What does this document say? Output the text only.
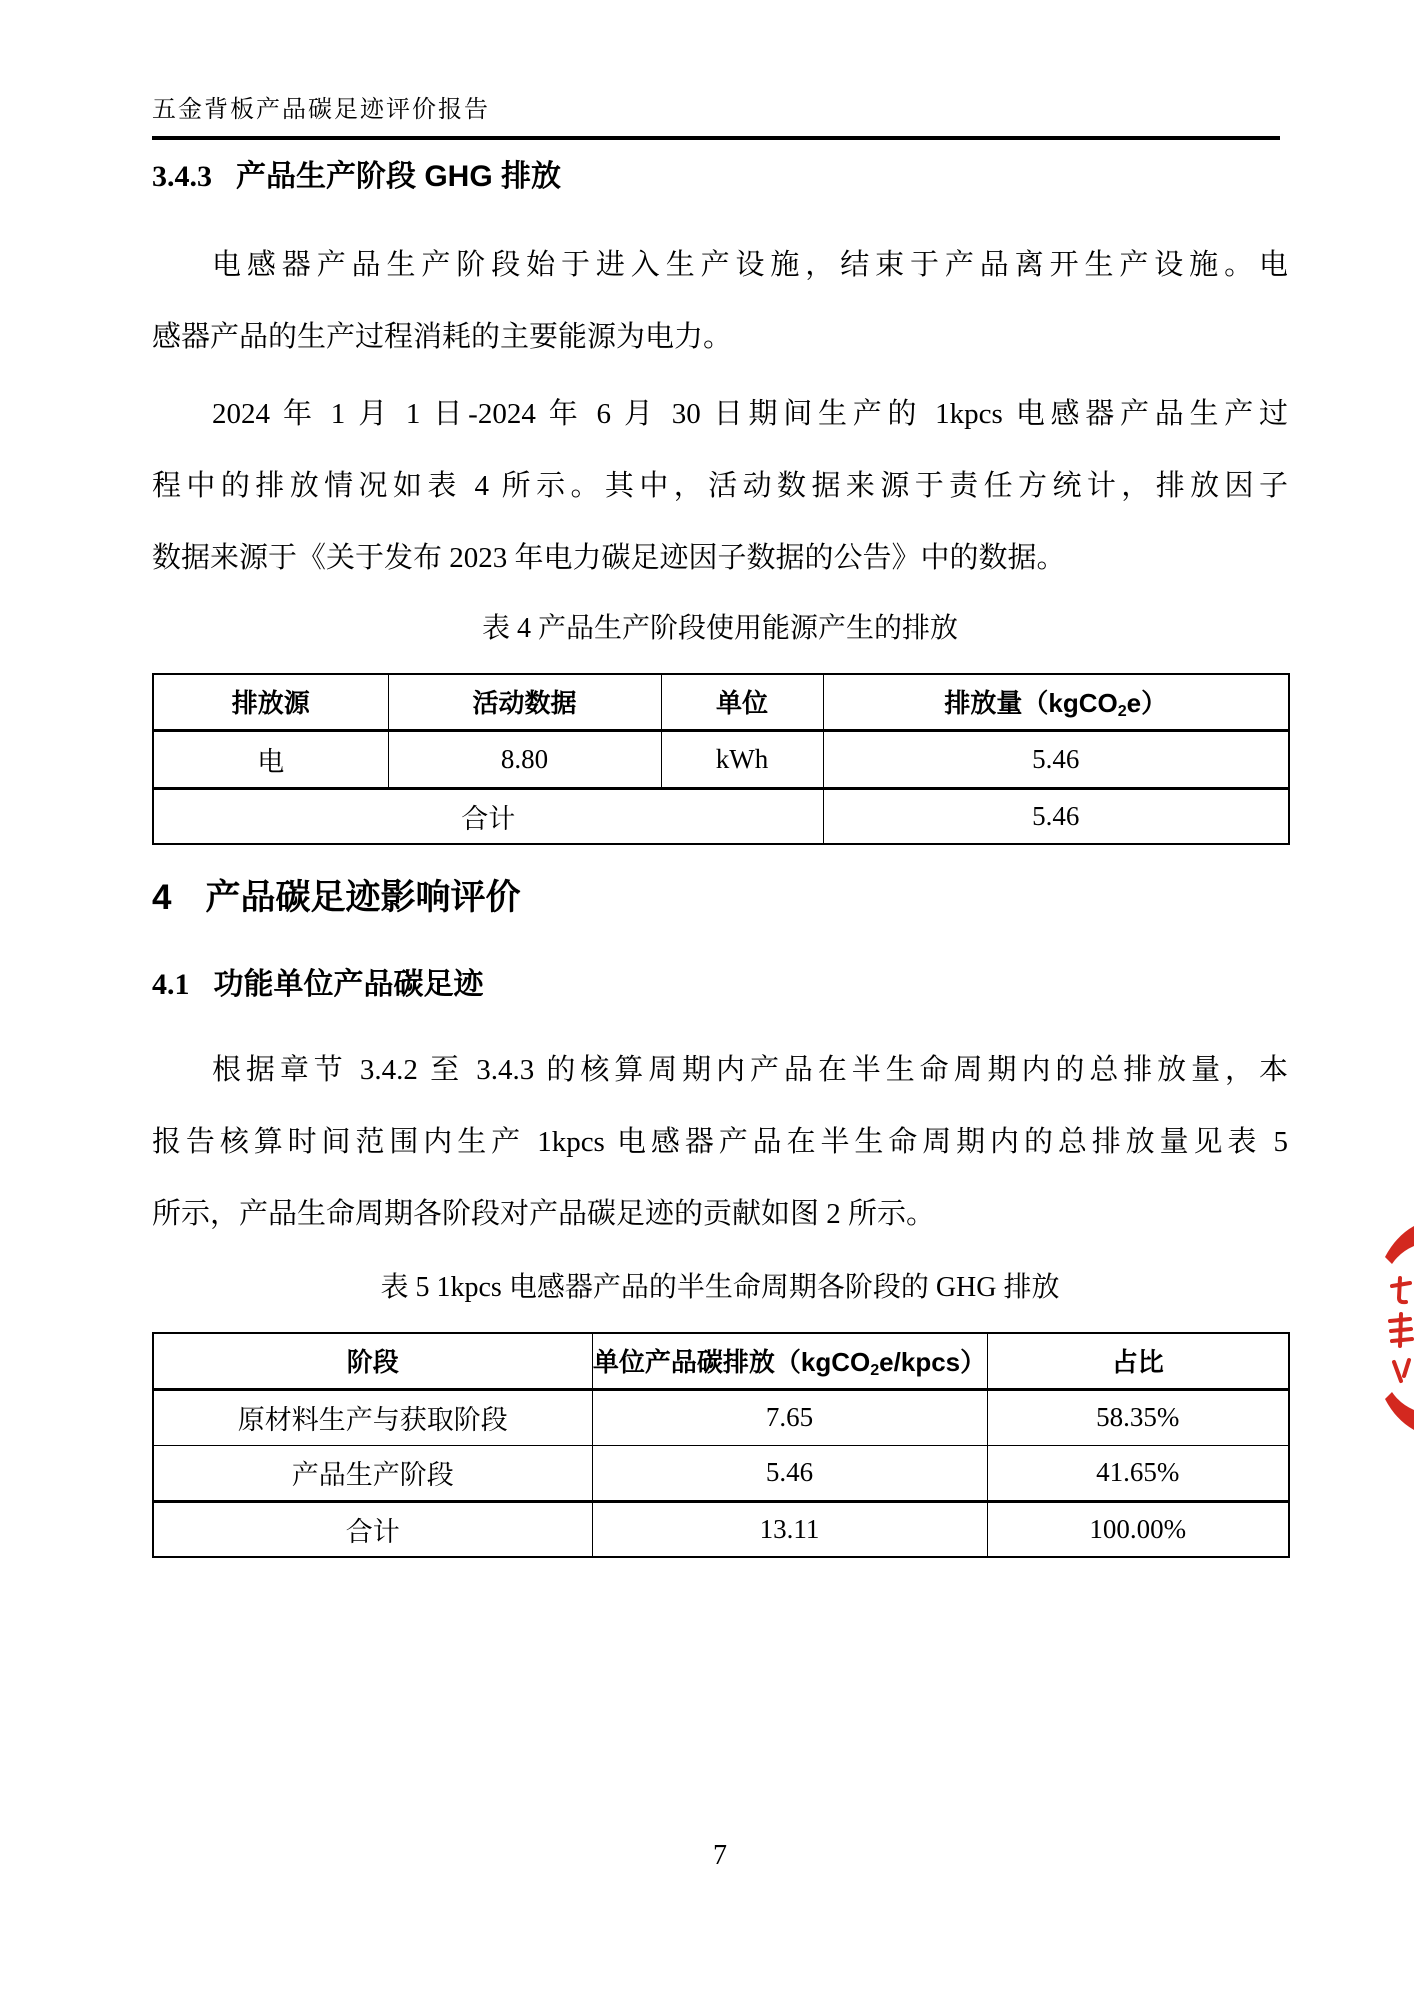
五金背板产品碳足迹评价报告
3.4.3 产品生产阶段 GHG 排放
电感器产品生产阶段始于进入生产设施，结束于产品离开生产设施。电
感器产品的生产过程消耗的主要能源为电力。
2024 年 1 月 1 日-2024 年 6 月 30 日期间生产的 1kpcs 电感器产品生产过
程中的排放情况如表 4 所示。其中，活动数据来源于责任方统计，排放因子
数据来源于《关于发布 2023 年电力碳足迹因子数据的公告》中的数据。
表 4 产品生产阶段使用能源产生的排放
排放源	活动数据	单位	排放量（kgCO$_2$e）
电	8.80	kWh	5.46
合计			5.46
4 产品碳足迹影响评价
4.1 功能单位产品碳足迹
根据章节 3.4.2 至 3.4.3 的核算周期内产品在半生命周期内的总排放量，本
报告核算时间范围内生产 1kpcs 电感器产品在半生命周期内的总排放量见表 5
所示，产品生命周期各阶段对产品碳足迹的贡献如图 2 所示。
表 5 1kpcs 电感器产品的半生命周期各阶段的 GHG 排放
阶段	单位产品碳排放（kgCO$_2$e/kpcs）	占比
原材料生产与获取阶段	7.65	58.35%
产品生产阶段	5.46	41.65%
合计	13.11	100.00%
7
